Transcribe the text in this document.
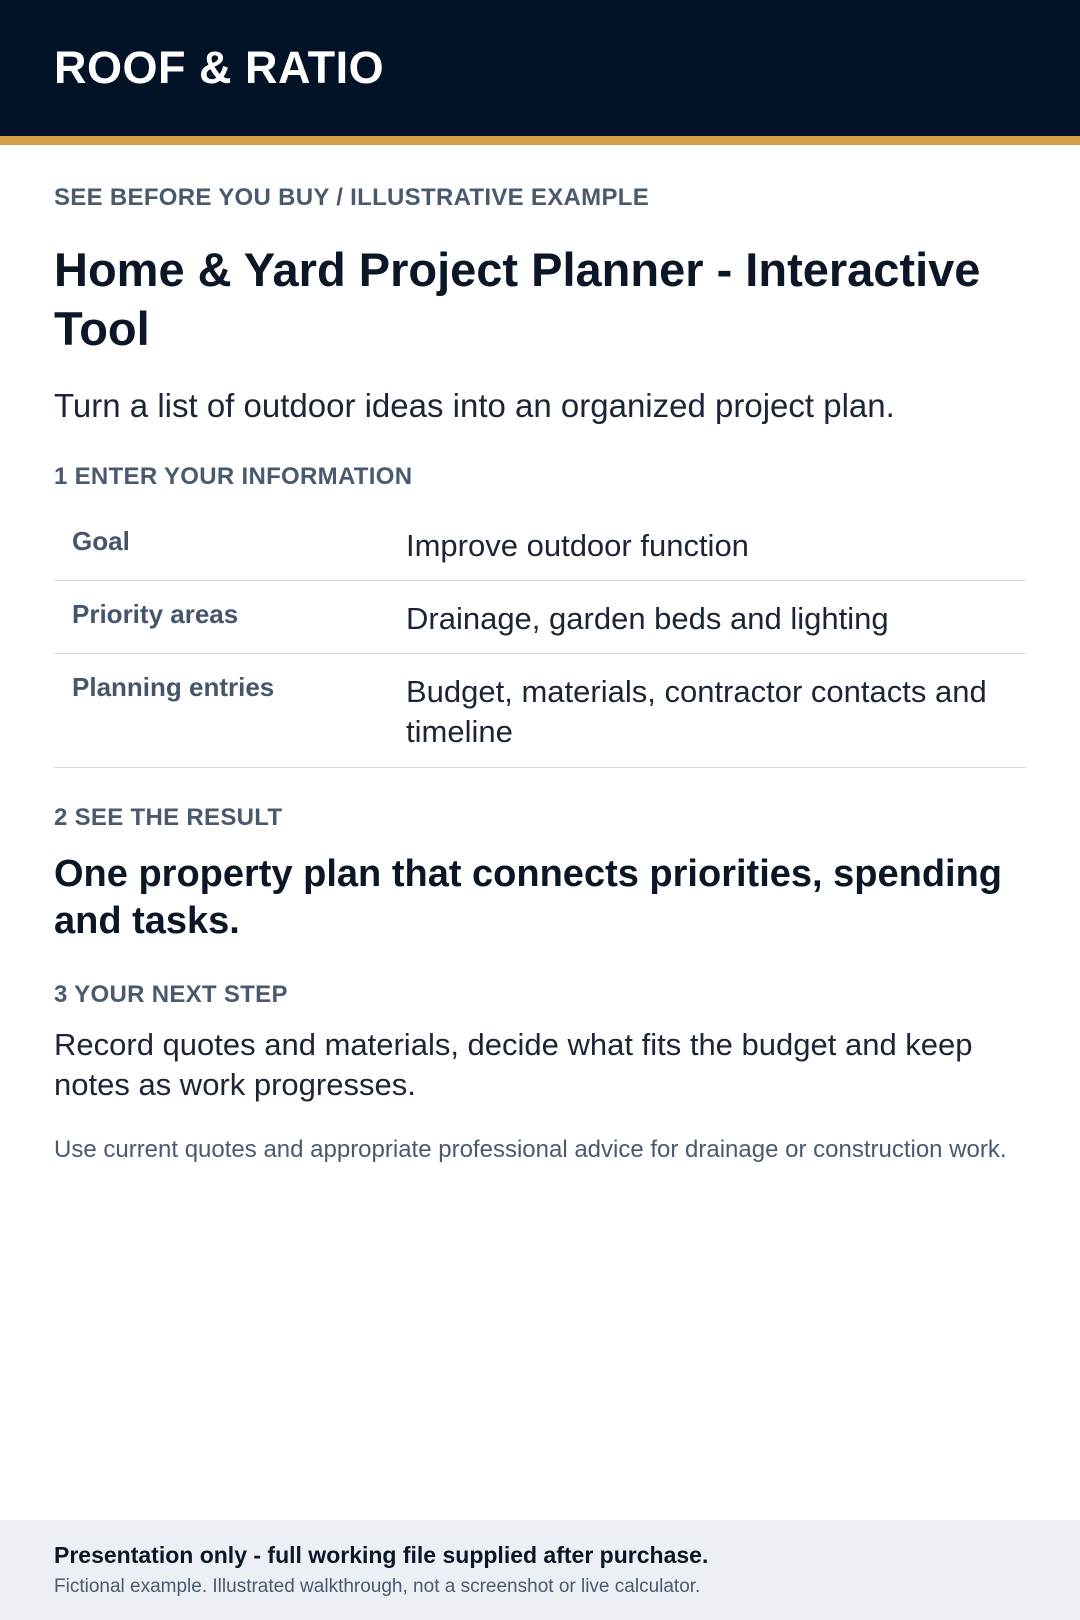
ROOF & RATIO

SEE BEFORE YOU BUY / ILLUSTRATIVE EXAMPLE

Home & Yard Project Planner - Interactive Tool

Turn a list of outdoor ideas into an organized project plan.

1 ENTER YOUR INFORMATION

Goal	Improve outdoor function
Priority areas	Drainage, garden beds and lighting
Planning entries	Budget, materials, contractor contacts and timeline

2 SEE THE RESULT

One property plan that connects priorities, spending and tasks.

3 YOUR NEXT STEP

Record quotes and materials, decide what fits the budget and keep notes as work progresses.

Use current quotes and appropriate professional advice for drainage or construction work.

Presentation only - full working file supplied after purchase.

Fictional example. Illustrated walkthrough, not a screenshot or live calculator.
